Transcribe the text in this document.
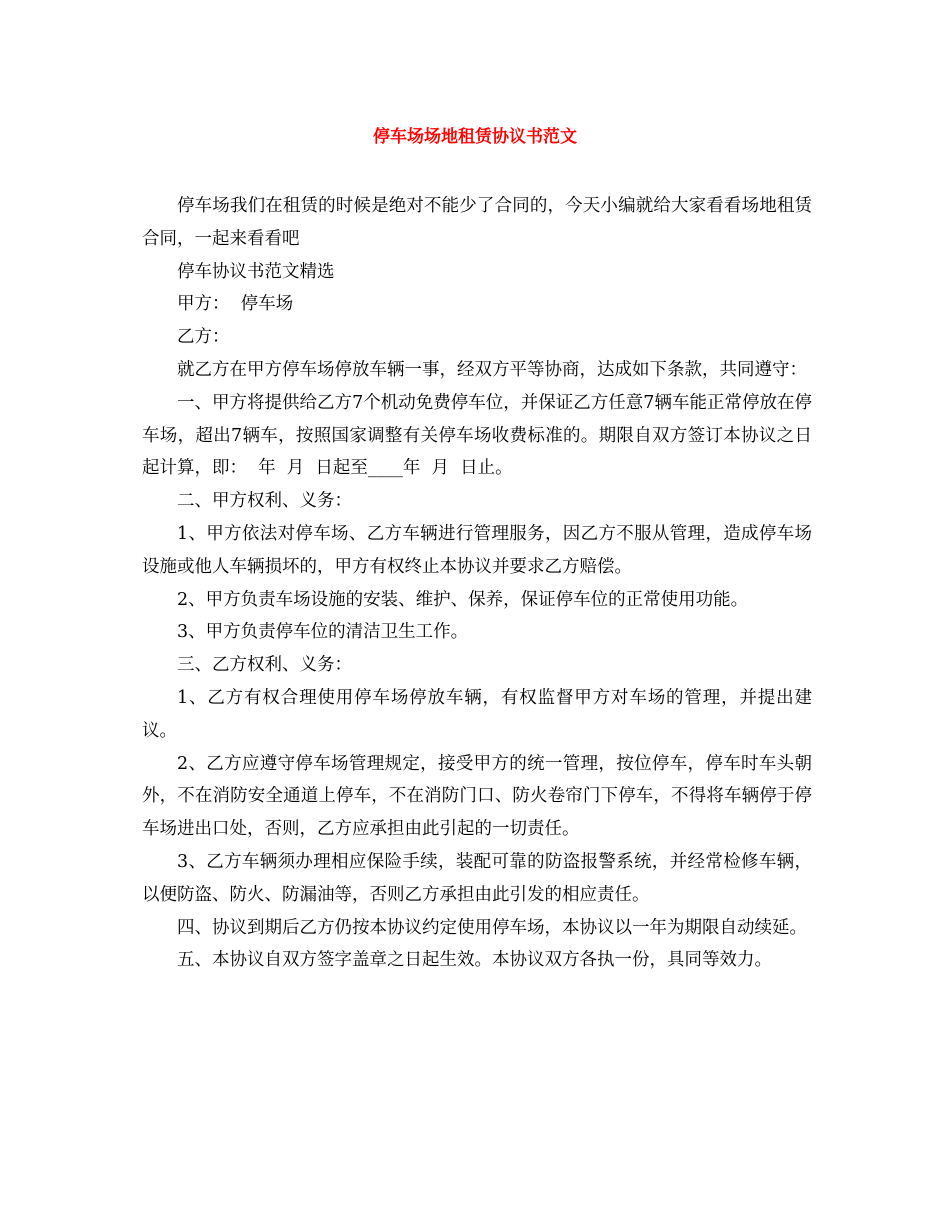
停车场场地租赁协议书范文

停车场我们在租赁的时候是绝对不能少了合同的，今天小编就给大家看看场地租赁合同，一起来看看吧

停车协议书范文精选

甲方：  停车场

乙方：

就乙方在甲方停车场停放车辆一事，经双方平等协商，达成如下条款，共同遵守：

一、甲方将提供给乙方7个机动免费停车位，并保证乙方任意7辆车能正常停放在停车场，超出7辆车，按照国家调整有关停车场收费标准的。期限自双方签订本协议之日起计算，即：  年  月  日起至____年  月  日止。

二、甲方权利、义务：

1、甲方依法对停车场、乙方车辆进行管理服务，因乙方不服从管理，造成停车场设施或他人车辆损坏的，甲方有权终止本协议并要求乙方赔偿。

2、甲方负责车场设施的安装、维护、保养，保证停车位的正常使用功能。

3、甲方负责停车位的清洁卫生工作。

三、乙方权利、义务：

1、乙方有权合理使用停车场停放车辆，有权监督甲方对车场的管理，并提出建议。

2、乙方应遵守停车场管理规定，接受甲方的统一管理，按位停车，停车时车头朝外，不在消防安全通道上停车，不在消防门口、防火卷帘门下停车，不得将车辆停于停车场进出口处，否则，乙方应承担由此引起的一切责任。

3、乙方车辆须办理相应保险手续，装配可靠的防盗报警系统，并经常检修车辆，以便防盗、防火、防漏油等，否则乙方承担由此引发的相应责任。

四、协议到期后乙方仍按本协议约定使用停车场，本协议以一年为期限自动续延。

五、本协议自双方签字盖章之日起生效。本协议双方各执一份，具同等效力。
